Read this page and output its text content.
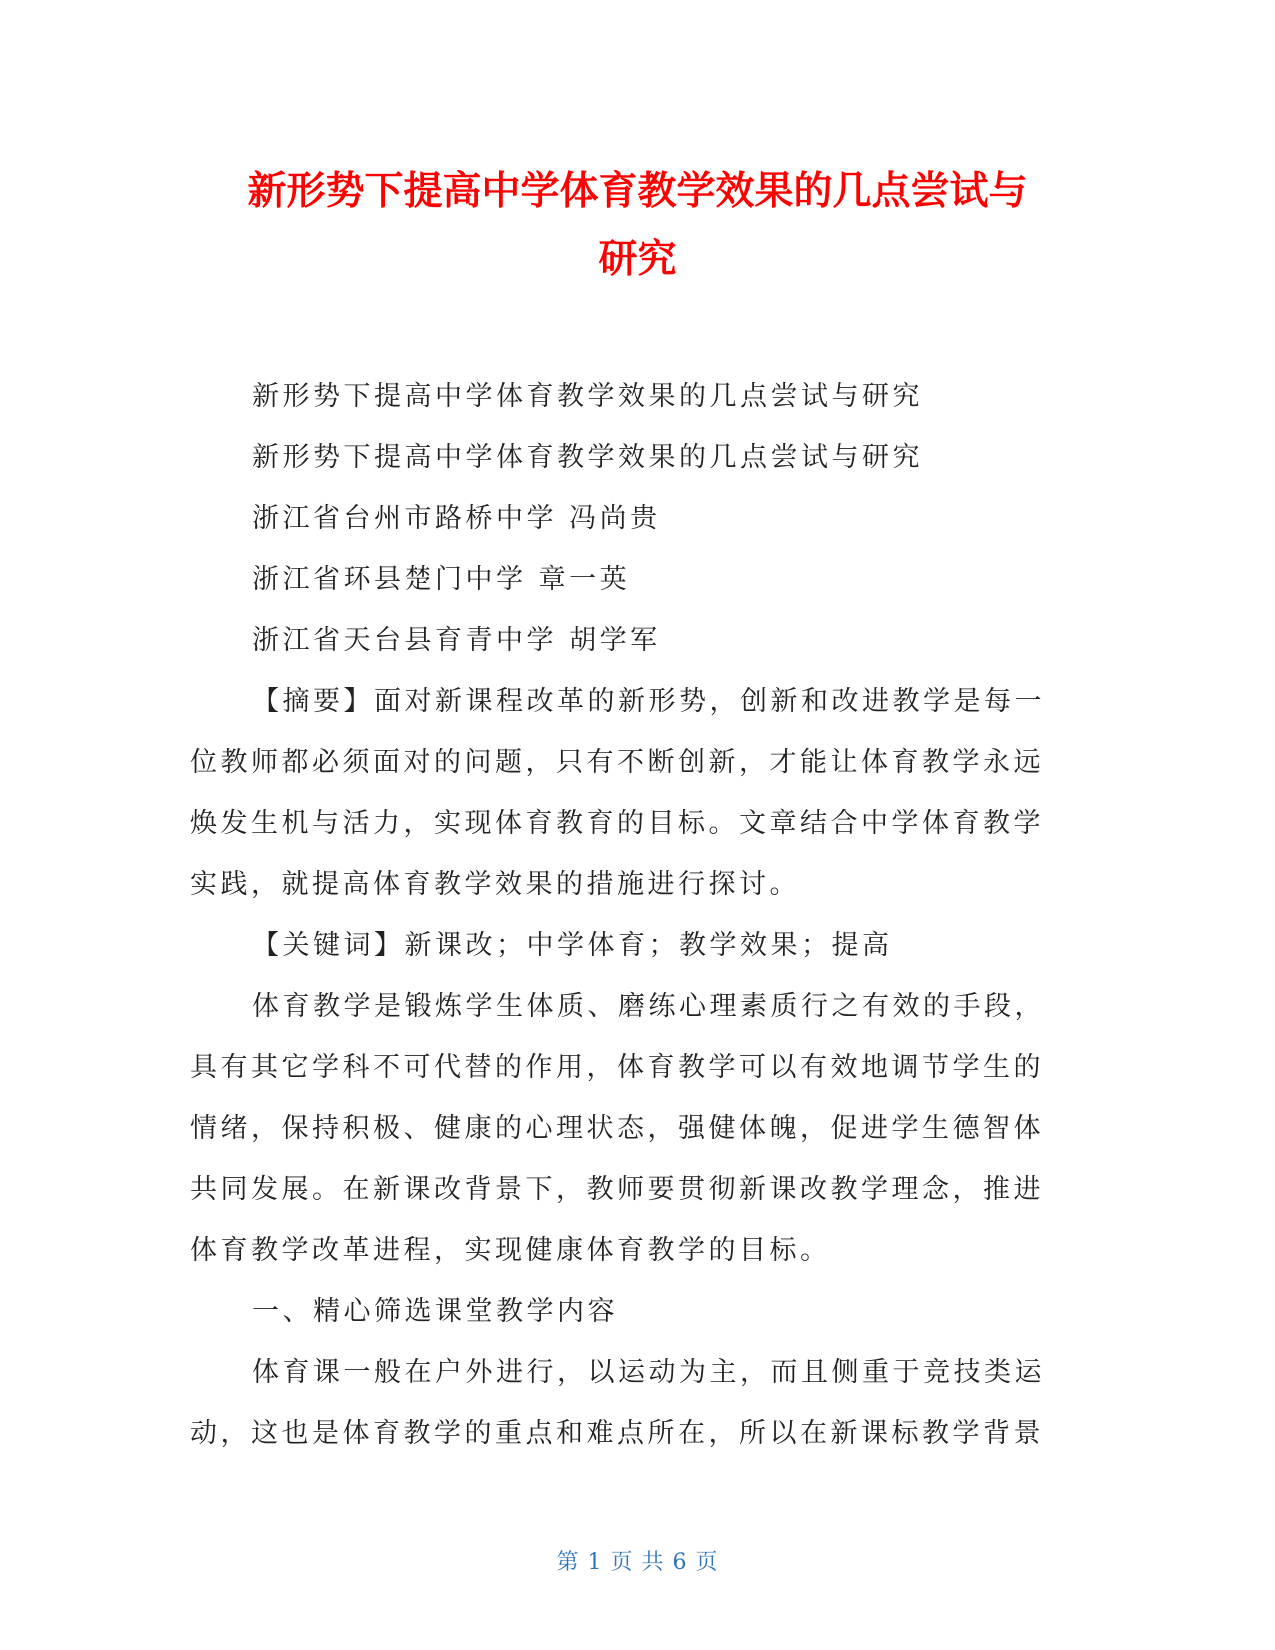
新形势下提高中学体育教学效果的几点尝试与
研究

新形势下提高中学体育教学效果的几点尝试与研究

新形势下提高中学体育教学效果的几点尝试与研究

浙江省台州市路桥中学 冯尚贵

浙江省环县楚门中学 章一英

浙江省天台县育青中学 胡学军

【摘要】面对新课程改革的新形势，创新和改进教学是每一

位教师都必须面对的问题，只有不断创新，才能让体育教学永远

焕发生机与活力，实现体育教育的目标。文章结合中学体育教学

实践，就提高体育教学效果的措施进行探讨。

【关键词】新课改；中学体育；教学效果；提高

体育教学是锻炼学生体质、磨练心理素质行之有效的手段，

具有其它学科不可代替的作用，体育教学可以有效地调节学生的

情绪，保持积极、健康的心理状态，强健体魄，促进学生德智体

共同发展。在新课改背景下，教师要贯彻新课改教学理念，推进

体育教学改革进程，实现健康体育教学的目标。

一、精心筛选课堂教学内容

体育课一般在户外进行，以运动为主，而且侧重于竞技类运

动，这也是体育教学的重点和难点所在，所以在新课标教学背景

第 1 页 共 6 页
